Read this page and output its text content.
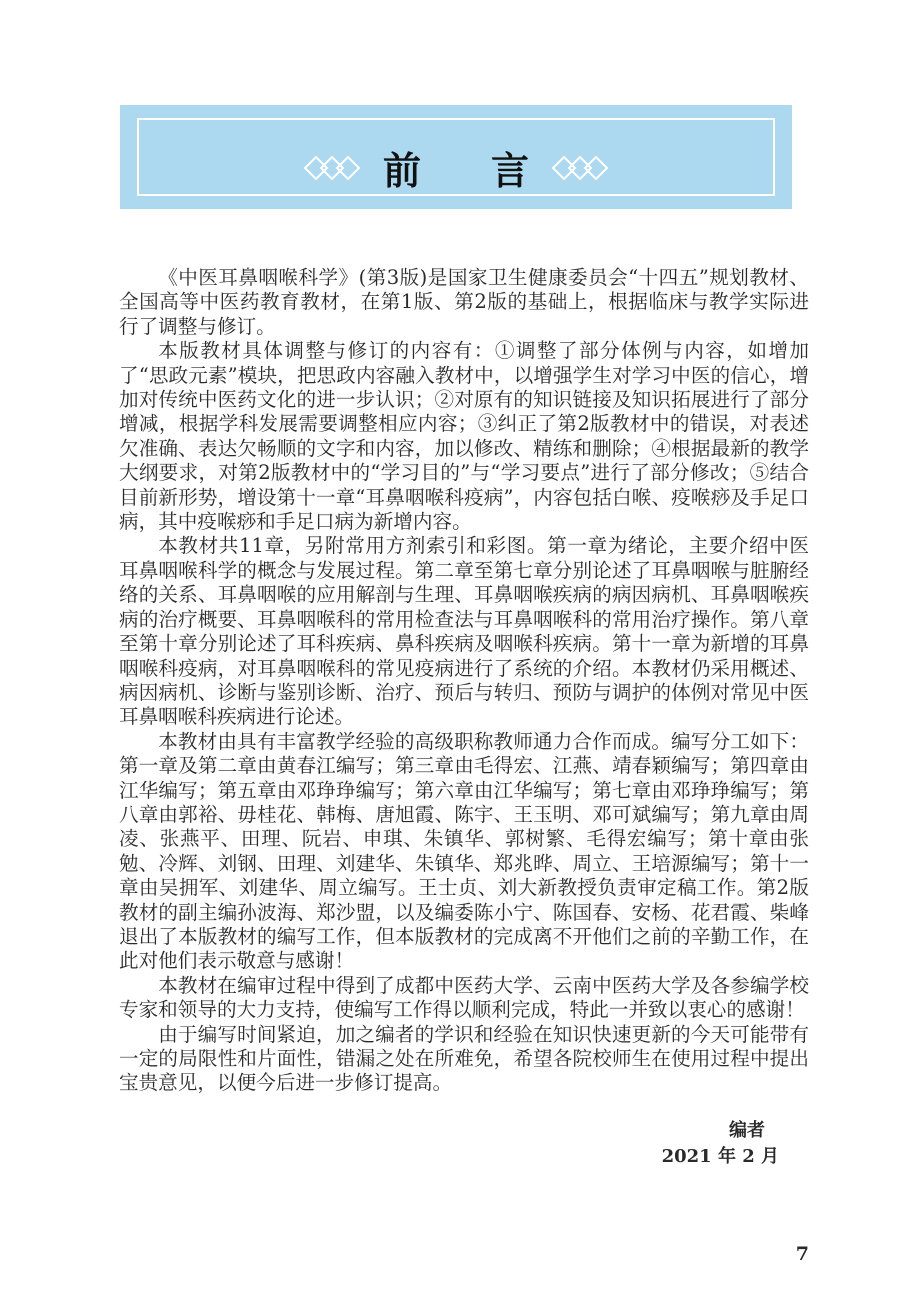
前言

《中医耳鼻咽喉科学》(第3版)是国家卫生健康委员会“十四五”规划教材、全国高等中医药教育教材，在第1版、第2版的基础上，根据临床与教学实际进行了调整与修订。

本版教材具体调整与修订的内容有：①调整了部分体例与内容，如增加了“思政元素”模块，把思政内容融入教材中，以增强学生对学习中医的信心，增加对传统中医药文化的进一步认识；②对原有的知识链接及知识拓展进行了部分增减，根据学科发展需要调整相应内容；③纠正了第2版教材中的错误，对表述欠准确、表达欠畅顺的文字和内容，加以修改、精练和删除；④根据最新的教学大纲要求，对第2版教材中的“学习目的”与“学习要点”进行了部分修改；⑤结合目前新形势，增设第十一章“耳鼻咽喉科疫病”，内容包括白喉、疫喉痧及手足口病，其中疫喉痧和手足口病为新增内容。

本教材共11章，另附常用方剂索引和彩图。第一章为绪论，主要介绍中医耳鼻咽喉科学的概念与发展过程。第二章至第七章分别论述了耳鼻咽喉与脏腑经络的关系、耳鼻咽喉的应用解剖与生理、耳鼻咽喉疾病的病因病机、耳鼻咽喉疾病的治疗概要、耳鼻咽喉科的常用检查法与耳鼻咽喉科的常用治疗操作。第八章至第十章分别论述了耳科疾病、鼻科疾病及咽喉科疾病。第十一章为新增的耳鼻咽喉科疫病，对耳鼻咽喉科的常见疫病进行了系统的介绍。本教材仍采用概述、病因病机、诊断与鉴别诊断、治疗、预后与转归、预防与调护的体例对常见中医耳鼻咽喉科疾病进行论述。

本教材由具有丰富教学经验的高级职称教师通力合作而成。编写分工如下：第一章及第二章由黄春江编写；第三章由毛得宏、江燕、靖春颖编写；第四章由江华编写；第五章由邓琤琤编写；第六章由江华编写；第七章由邓琤琤编写；第八章由郭裕、毋桂花、韩梅、唐旭霞、陈宇、王玉明、邓可斌编写；第九章由周凌、张燕平、田理、阮岩、申琪、朱镇华、郭树繁、毛得宏编写；第十章由张勉、冷辉、刘钢、田理、刘建华、朱镇华、郑兆晔、周立、王培源编写；第十一章由吴拥军、刘建华、周立编写。王士贞、刘大新教授负责审定稿工作。第2版教材的副主编孙波海、郑沙盟，以及编委陈小宁、陈国春、安杨、花君霞、柴峰退出了本版教材的编写工作，但本版教材的完成离不开他们之前的辛勤工作，在此对他们表示敬意与感谢！

本教材在编审过程中得到了成都中医药大学、云南中医药大学及各参编学校专家和领导的大力支持，使编写工作得以顺利完成，特此一并致以衷心的感谢！

由于编写时间紧迫，加之编者的学识和经验在知识快速更新的今天可能带有一定的局限性和片面性，错漏之处在所难免，希望各院校师生在使用过程中提出宝贵意见，以便今后进一步修订提高。

编者
2021 年 2 月
7
